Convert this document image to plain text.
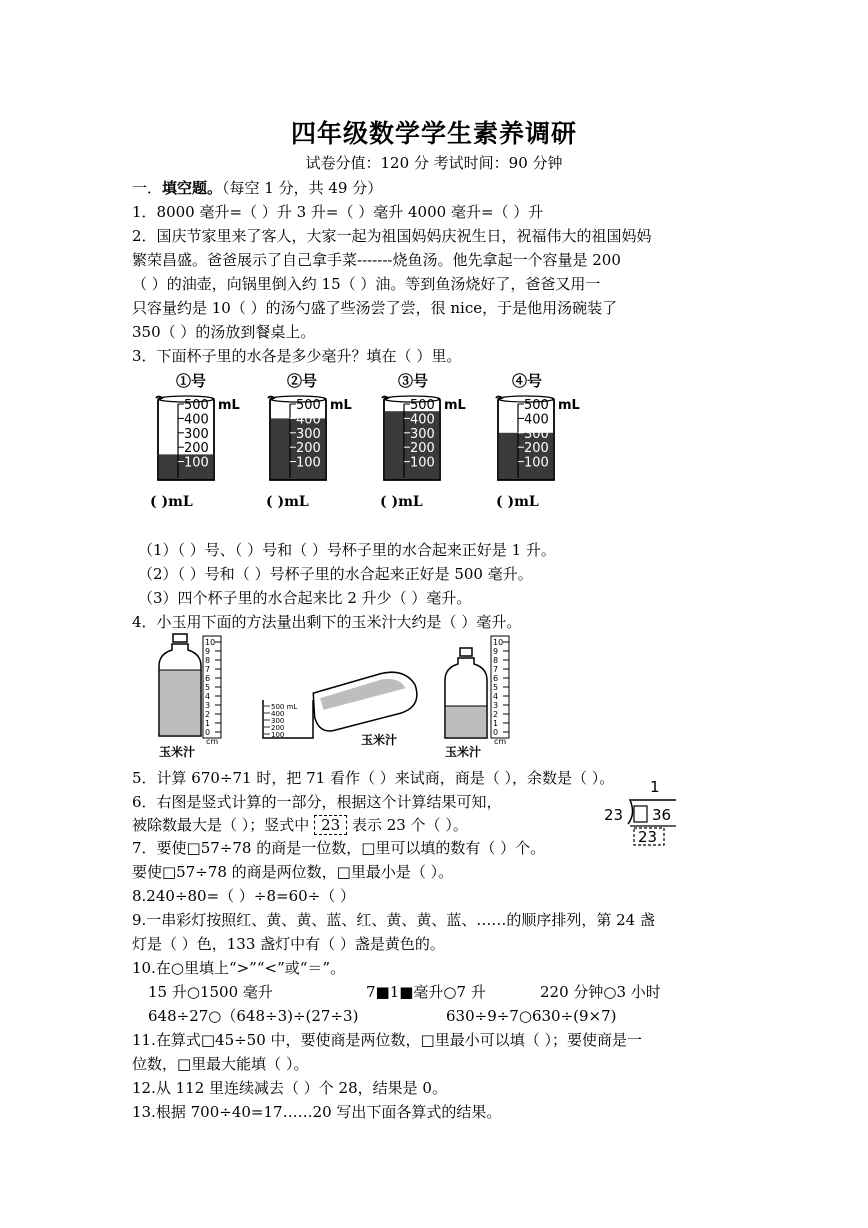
四年级数学学生素养调研
试卷分值：120 分 考试时间：90 分钟
一．填空题。（每空 1 分，共 49 分）
1．8000 毫升=（ ）升 3 升=（ ）毫升 4000 毫升=（ ）升
2．国庆节家里来了客人，大家一起为祖国妈妈庆祝生日，祝福伟大的祖国妈妈
繁荣昌盛。爸爸展示了自己拿手菜-------烧鱼汤。他先拿起一个容量是 200
（ ）的油壶，向锅里倒入约 15（ ）油。等到鱼汤烧好了，爸爸又用一
只容量约是 10（ ）的汤勺盛了些汤尝了尝，很 nice，于是他用汤碗装了
350（ ）的汤放到餐桌上。
3．下面杯子里的水各是多少毫升？填在（ ）里。
①号	②号	③号	④号
500
400
300
200
100
mL	500
400
300
200
100
mL	500
400
300
200
100
mL	500
400
300
200
100
mL
( )mL	( )mL	( )mL	( )mL
（1）（ ）号、（ ）号和（ ）号杯子里的水合起来正好是 1 升。
（2）（ ）号和（ ）号杯子里的水合起来正好是 500 毫升。
（3）四个杯子里的水合起来比 2 升少（ ）毫升。
4．小玉用下面的方法量出剩下的玉米汁大约是（ ）毫升。
玉米汁
玉米汁
玉米汁
0
1
2
3
4
5
6
7
8
9
10
cm
0
1
2
3
4
5
6
7
8
9
10
cm
500 mL
400
300
200
100
5．计算 670÷71 时，把 71 看作（ ）来试商，商是（ ），余数是（ ）。
6．右图是竖式计算的一部分，根据这个计算结果可知，
被除数最大是（ ）；竖式中 23 表示 23 个（ ）。
1
23 36
23
7．要使□57÷78 的商是一位数，□里可以填的数有（ ）个。
要使□57÷78 的商是两位数，□里最小是（ ）。
8.240÷80=（ ）÷8=60÷（ ）
9.一串彩灯按照红、黄、黄、蓝、红、黄、黄、蓝、……的顺序排列，第 24 盏
灯是（ ）色，133 盏灯中有（ ）盏是黄色的。
10.在○里填上“>”“<”或“＝”。
15 升○1500 毫升	7■1■毫升○7 升	220 分钟○3 小时
648÷27○（648÷3)÷(27÷3)	630÷9÷7○630÷(9×7)
11.在算式□45÷50 中，要使商是两位数，□里最小可以填（ ）；要使商是一
位数，□里最大能填（ ）。
12.从 112 里连续减去（ ）个 28，结果是 0。
13.根据 700÷40=17……20 写出下面各算式的结果。
